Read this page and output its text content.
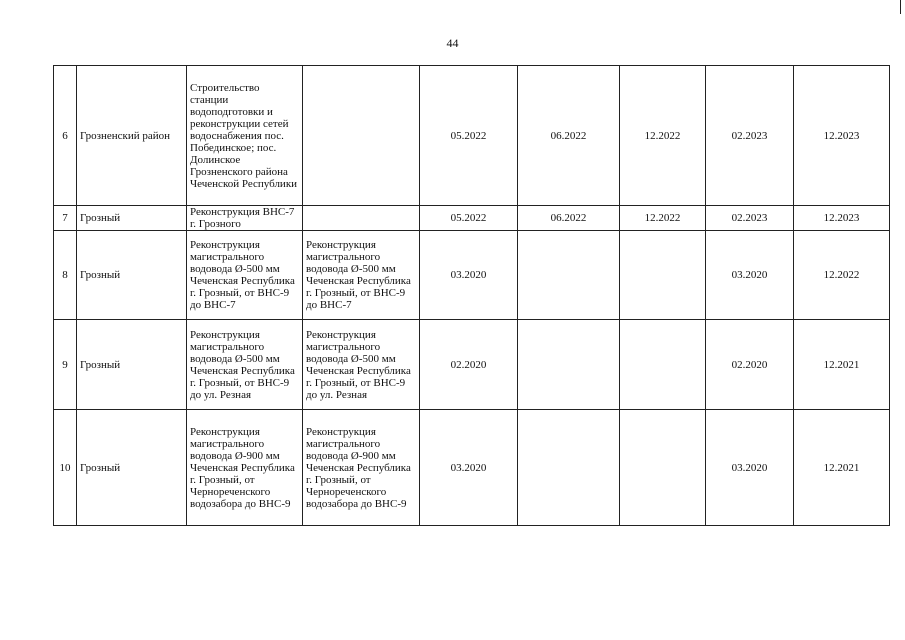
44
6	Грозненский район	Строительство станции водоподготовки и реконструкции сетей водоснабжения пос. Побединское; пос. Долинское Грозненского района Чеченской Республики		05.2022	06.2022	12.2022	02.2023	12.2023
7	Грозный	Реконструкция ВНС-7 г. Грозного		05.2022	06.2022	12.2022	02.2023	12.2023
8	Грозный	Реконструкция магистрального водовода Ø-500 мм Чеченская Республика г. Грозный, от ВНС-9 до ВНС-7	Реконструкция магистрального водовода Ø-500 мм Чеченская Республика г. Грозный, от ВНС-9 до ВНС-7	03.2020			03.2020	12.2022
9	Грозный	Реконструкция магистрального водовода Ø-500 мм Чеченская Республика г. Грозный, от ВНС-9 до ул. Резная	Реконструкция магистрального водовода Ø-500 мм Чеченская Республика г. Грозный, от ВНС-9 до ул. Резная	02.2020			02.2020	12.2021
10	Грозный	Реконструкция магистрального водовода Ø-900 мм Чеченская Республика г. Грозный, от Чернореченского водозабора до ВНС-9	Реконструкция магистрального водовода Ø-900 мм Чеченская Республика г. Грозный, от Чернореченского водозабора до ВНС-9	03.2020			03.2020	12.2021
